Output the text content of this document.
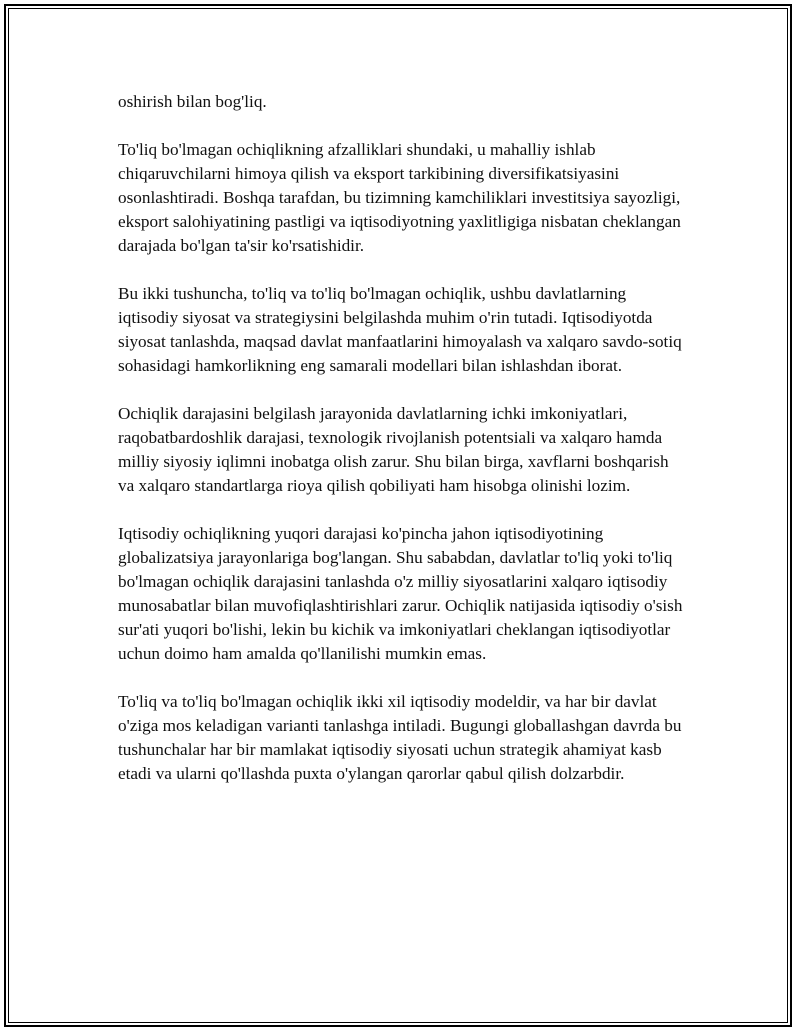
oshirish bilan bog'liq.

To'liq bo'lmagan ochiqlikning afzalliklari shundaki, u mahalliy ishlab chiqaruvchilarni himoya qilish va eksport tarkibining diversifikatsiyasini osonlashtiradi. Boshqa tarafdan, bu tizimning kamchiliklari investitsiya sayozligi, eksport salohiyatining pastligi va iqtisodiyotning yaxlitligiga nisbatan cheklangan darajada bo'lgan ta'sir ko'rsatishidir.

Bu ikki tushuncha, to'liq va to'liq bo'lmagan ochiqlik, ushbu davlatlarning iqtisodiy siyosat va strategiysini belgilashda muhim o'rin tutadi. Iqtisodiyotda siyosat tanlashda, maqsad davlat manfaatlarini himoyalash va xalqaro savdo-sotiq sohasidagi hamkorlikning eng samarali modellari bilan ishlashdan iborat.

Ochiqlik darajasini belgilash jarayonida davlatlarning ichki imkoniyatlari, raqobatbardoshlik darajasi, texnologik rivojlanish potentsiali va xalqaro hamda milliy siyosiy iqlimni inobatga olish zarur. Shu bilan birga, xavflarni boshqarish va xalqaro standartlarga rioya qilish qobiliyati ham hisobga olinishi lozim.

Iqtisodiy ochiqlikning yuqori darajasi ko'pincha jahon iqtisodiyotining globalizatsiya jarayonlariga bog'langan. Shu sababdan, davlatlar to'liq yoki to'liq bo'lmagan ochiqlik darajasini tanlashda o'z milliy siyosatlarini xalqaro iqtisodiy munosabatlar bilan muvofiqlashtirishlari zarur. Ochiqlik natijasida iqtisodiy o'sish sur'ati yuqori bo'lishi, lekin bu kichik va imkoniyatlari cheklangan iqtisodiyotlar uchun doimo ham amalda qo'llanilishi mumkin emas.

To'liq va to'liq bo'lmagan ochiqlik ikki xil iqtisodiy modeldir, va har bir davlat o'ziga mos keladigan varianti tanlashga intiladi. Bugungi globallashgan davrda bu tushunchalar har bir mamlakat iqtisodiy siyosati uchun strategik ahamiyat kasb etadi va ularni qo'llashda puxta o'ylangan qarorlar qabul qilish dolzarbdir.
